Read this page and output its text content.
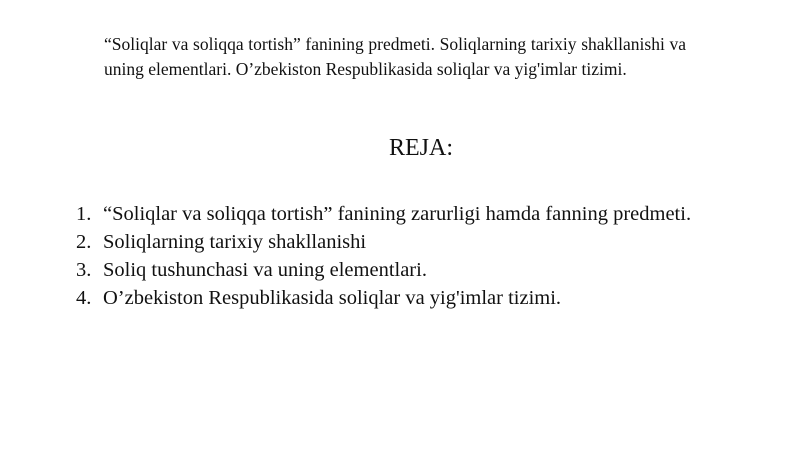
“Soliqlar va soliqqa tortish” fanining predmeti. Soliqlarning tarixiy shakllanishi va uning elementlari. O’zbekiston Respublikasida soliqlar va yig'imlar tizimi.

REJA:
1. “Soliqlar va soliqqa tortish” fanining zarurligi hamda fanning predmeti.
2. Soliqlarning tarixiy shakllanishi
3. Soliq tushunchasi va uning elementlari.
4. O’zbekiston Respublikasida soliqlar va yig'imlar tizimi.
